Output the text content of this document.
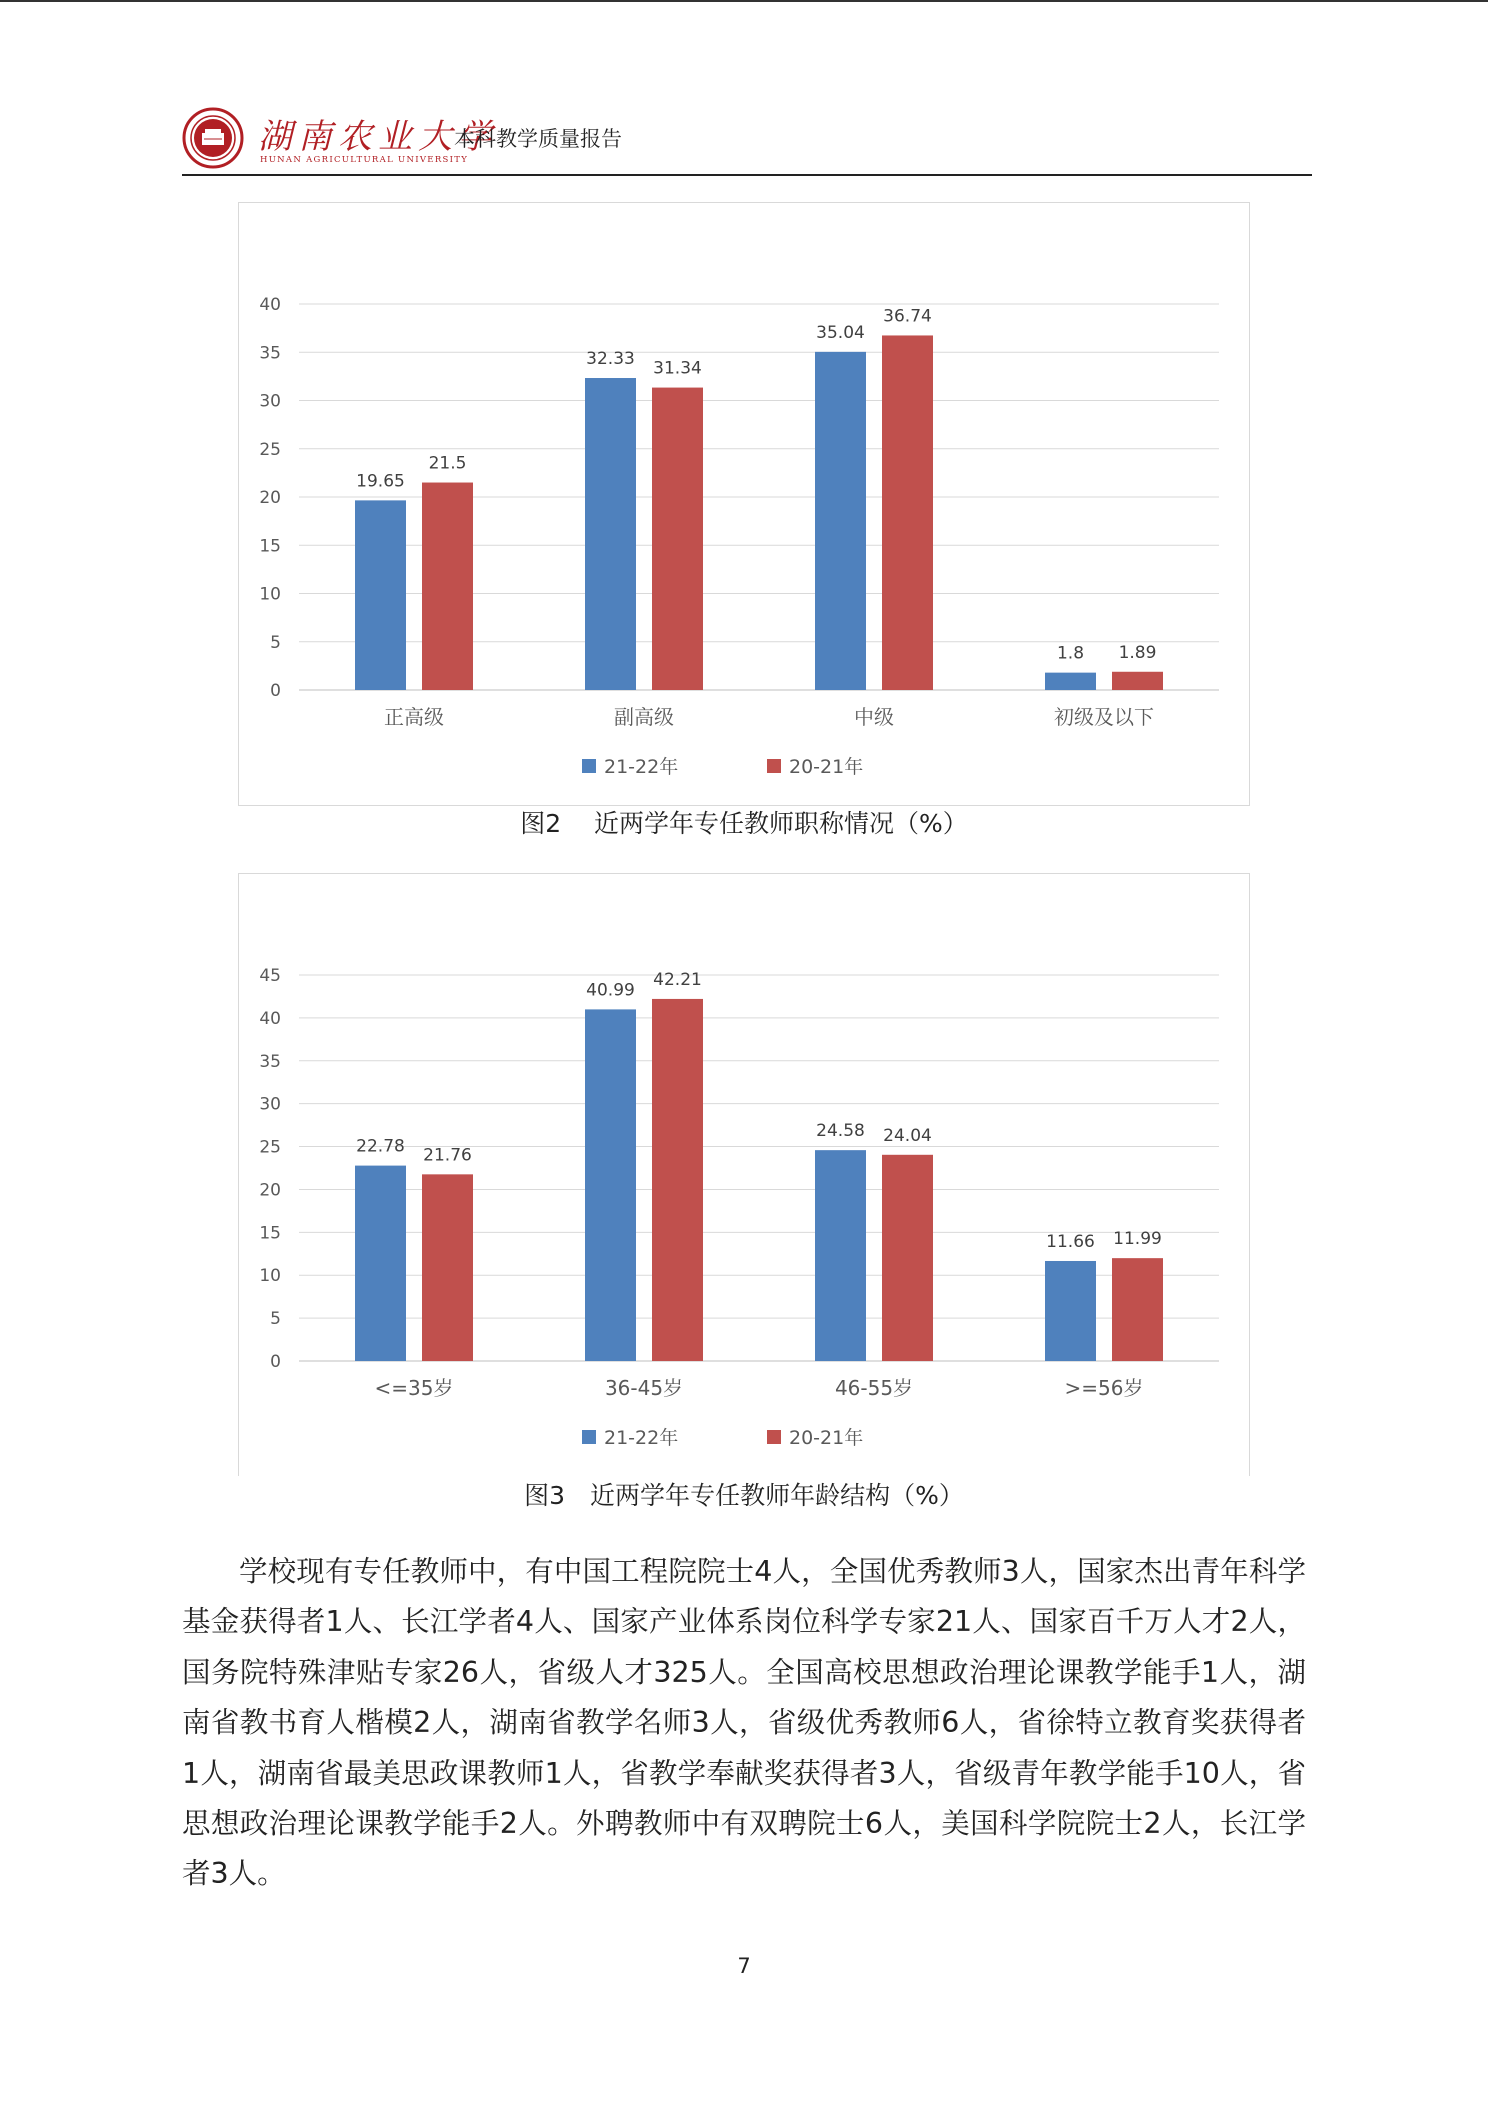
湖南农业大学
HUNAN AGRICULTURAL UNIVERSITY
本科教学质量报告
0
5
10
15
20
25
30
35
40
正高级
19.65
21.5
副高级
32.33 31.34
中级
35.04
36.74
初级及以下
1.8 1.89
21-22年	20-21年
图2　 近两学年专任教师职称情况（%）
0
5
10
15
20
25
30
35
40
45
<=35岁
22.78 21.76
36-45岁
40.99
42.21
46-55岁
24.58 24.04
>=56岁
11.66 11.99
21-22年	20-21年
图3　近两学年专任教师年龄结构（%）

学校现有专任教师中，有中国工程院院士4人，全国优秀教师3人，国家杰出青年科学基金获得者1人、长江学者4人、国家产业体系岗位科学专家21人、国家百千万人才2人，国务院特殊津贴专家26人，省级人才325人。全国高校思想政治理论课教学能手1人，湖南省教书育人楷模2人，湖南省教学名师3人，省级优秀教师6人，省徐特立教育奖获得者1人，湖南省最美思政课教师1人，省教学奉献奖获得者3人，省级青年教学能手10人，省思想政治理论课教学能手2人。外聘教师中有双聘院士6人，美国科学院院士2人，长江学者3人。

7
